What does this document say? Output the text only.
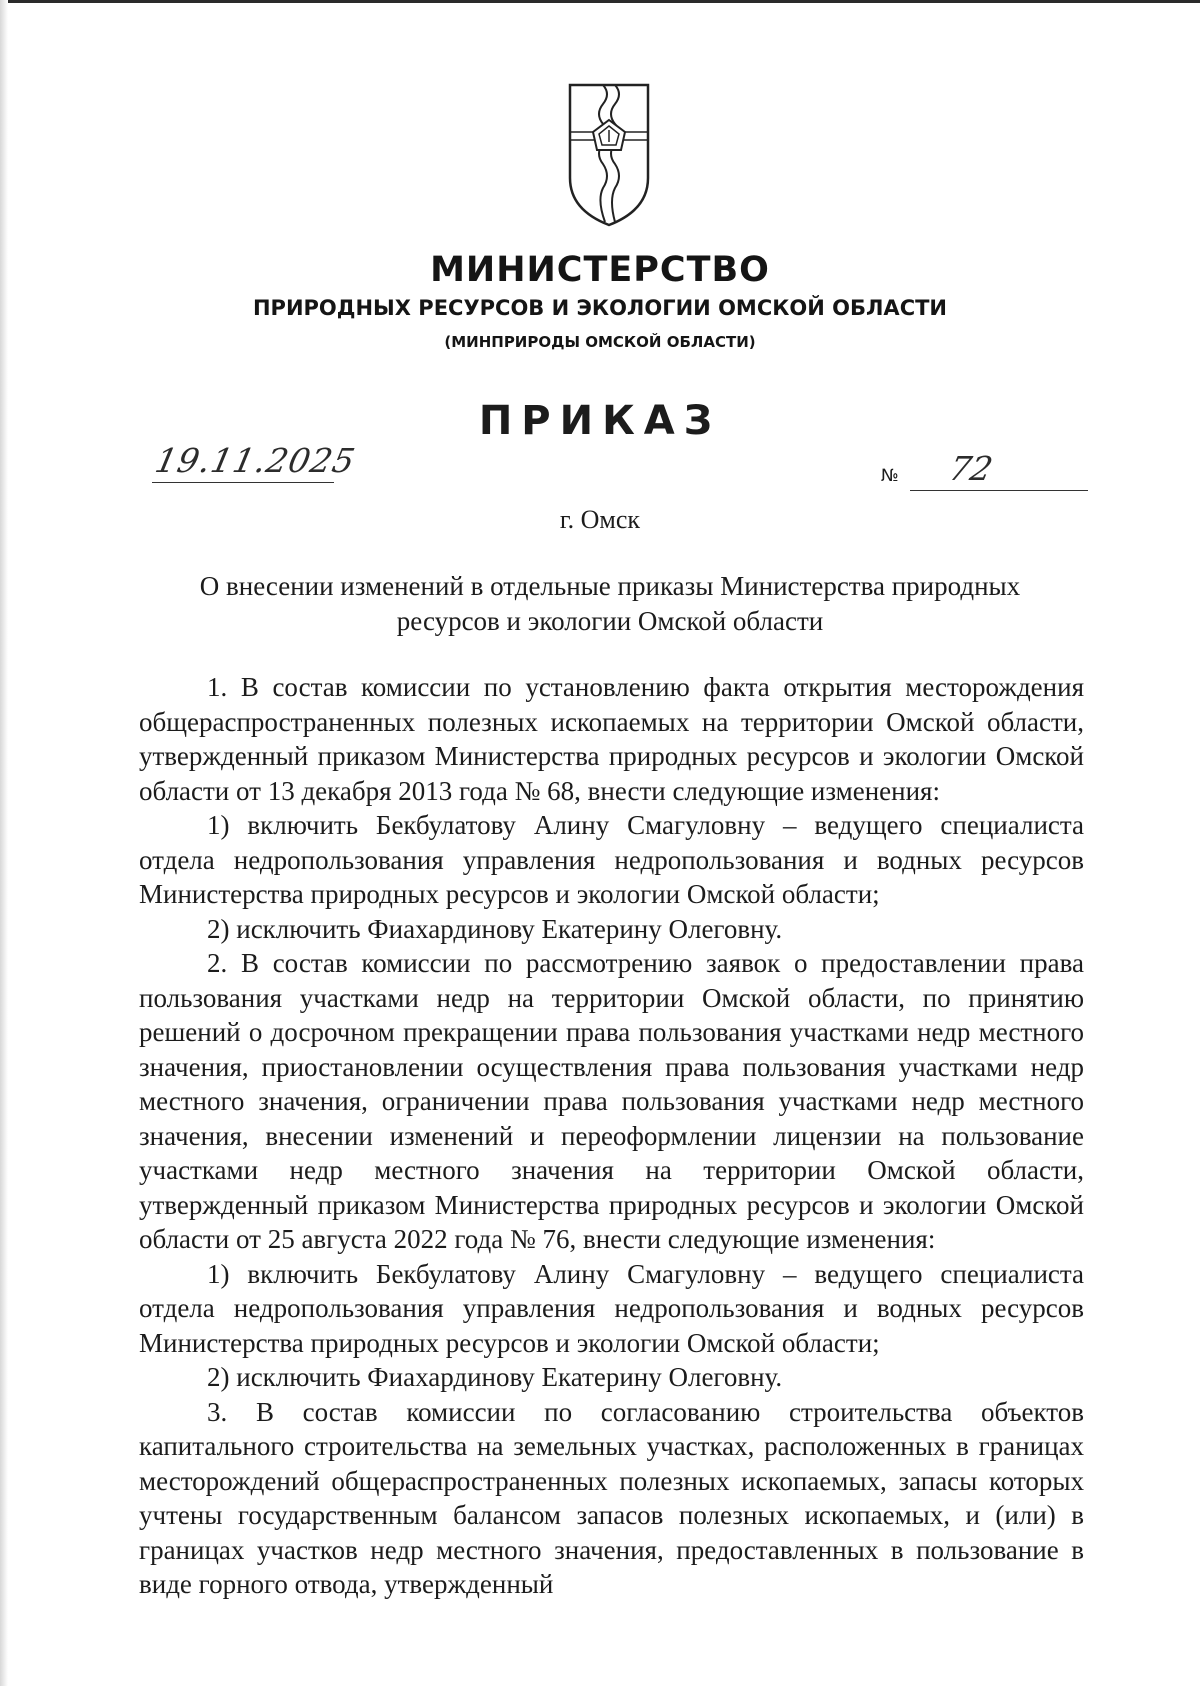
МИНИСТЕРСТВО
ПРИРОДНЫХ РЕСУРСОВ И ЭКОЛОГИИ ОМСКОЙ ОБЛАСТИ
(МИНПРИРОДЫ ОМСКОЙ ОБЛАСТИ)
ПРИКАЗ
19.11.2025	№ 72
г. Омск
О внесении изменений в отдельные приказы Министерства природных ресурсов и экологии Омской области

1. В состав комиссии по установлению факта открытия месторождения общераспространенных полезных ископаемых на территории Омской области, утвержденный приказом Министерства природных ресурсов и экологии Омской области от 13 декабря 2013 года № 68, внести следующие изменения:

1) включить Бекбулатову Алину Смагуловну – ведущего специалиста отдела недропользования управления недропользования и водных ресурсов Министерства природных ресурсов и экологии Омской области;

2) исключить Фиахардинову Екатерину Олеговну.

2. В состав комиссии по рассмотрению заявок о предоставлении права пользования участками недр на территории Омской области, по принятию решений о досрочном прекращении права пользования участками недр местного значения, приостановлении осуществления права пользования участками недр местного значения, ограничении права пользования участками недр местного значения, внесении изменений и переоформлении лицензии на пользование участками недр местного значения на территории Омской области, утвержденный приказом Министерства природных ресурсов и экологии Омской области от 25 августа 2022 года № 76, внести следующие изменения:

1) включить Бекбулатову Алину Смагуловну – ведущего специалиста отдела недропользования управления недропользования и водных ресурсов Министерства природных ресурсов и экологии Омской области;

2) исключить Фиахардинову Екатерину Олеговну.

3. В состав комиссии по согласованию строительства объектов капитального строительства на земельных участках, расположенных в границах месторождений общераспространенных полезных ископаемых, запасы которых учтены государственным балансом запасов полезных ископаемых, и (или) в границах участков недр местного значения, предоставленных в пользование в виде горного отвода, утвержденный
